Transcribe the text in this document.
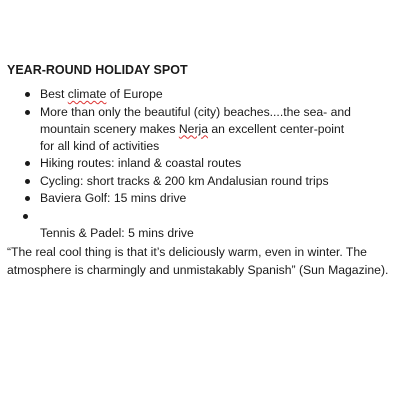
YEAR-ROUND HOLIDAY SPOT
Best climate of Europe
More than only the beautiful (city) beaches....the sea- and
mountain scenery makes Nerja an excellent center-point
for all kind of activities
Hiking routes: inland & coastal routes
Cycling: short tracks & 200 km Andalusian round trips
Baviera Golf: 15 mins drive
Tennis & Padel: 5 mins drive
“The real cool thing is that it’s deliciously warm, even in winter. The
atmosphere is charmingly and unmistakably Spanish” (Sun Magazine).
